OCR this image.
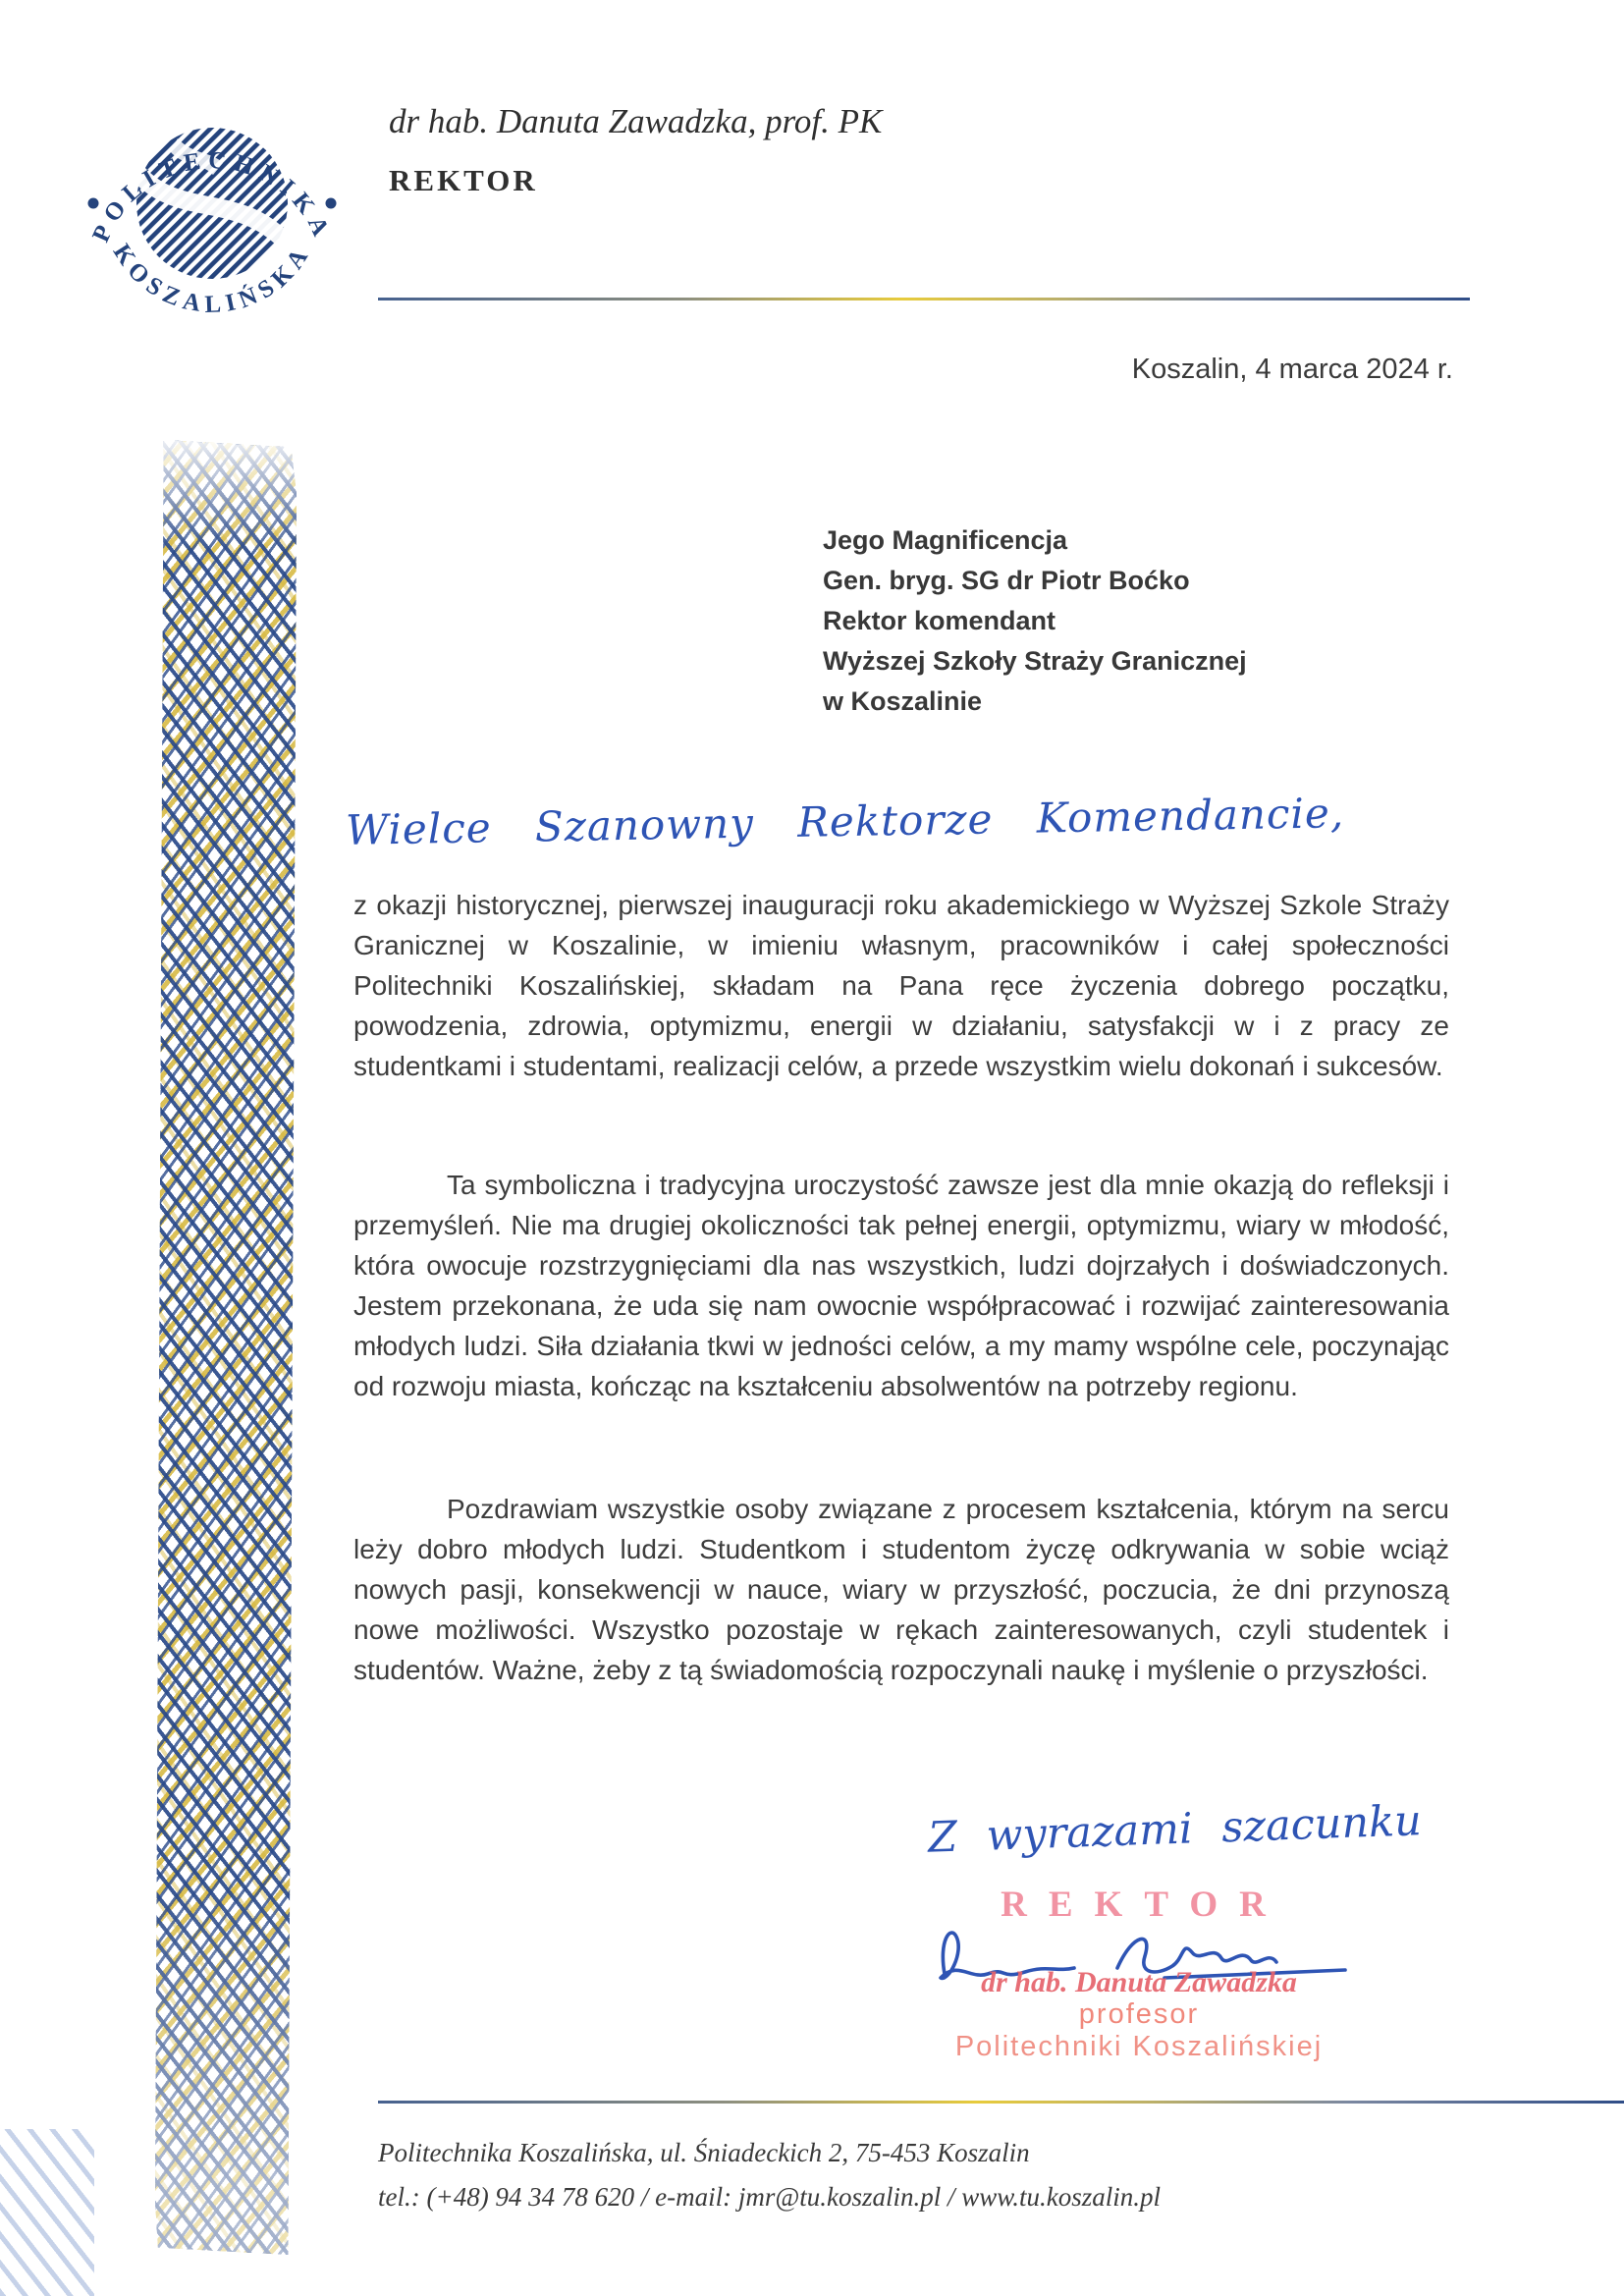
POLITECHNIKA
KOSZALIŃSKA
dr hab. Danuta Zawadzka, prof. PK
REKTOR
Koszalin, 4 marca 2024 r.
Jego Magnificencja
Gen. bryg. SG dr Piotr Boćko
Rektor komendant
Wyższej Szkoły Straży Granicznej
w Koszalinie
Wielce Szanowny Rektorze Komendancie,
z okazji historycznej, pierwszej inauguracji roku akademickiego w Wyższej Szkole Straży Granicznej w Koszalinie, w imieniu własnym, pracowników i całej społeczności Politechniki Koszalińskiej, składam na Pana ręce życzenia dobrego początku, powodzenia, zdrowia, optymizmu, energii w działaniu, satysfakcji w i z pracy ze studentkami i studentami, realizacji celów, a przede wszystkim wielu dokonań i sukcesów.
Ta symboliczna i tradycyjna uroczystość zawsze jest dla mnie okazją do refleksji i przemyśleń. Nie ma drugiej okoliczności tak pełnej energii, optymizmu, wiary w młodość, która owocuje rozstrzygnięciami dla nas wszystkich, ludzi dojrzałych i doświadczonych. Jestem przekonana, że uda się nam owocnie współpracować i rozwijać zainteresowania młodych ludzi. Siła działania tkwi w jedności celów, a my mamy wspólne cele, poczynając od rozwoju miasta, kończąc na kształceniu absolwentów na potrzeby regionu.
Pozdrawiam wszystkie osoby związane z procesem kształcenia, którym na sercu leży dobro młodych ludzi. Studentkom i studentom życzę odkrywania w sobie wciąż nowych pasji, konsekwencji w nauce, wiary w przyszłość, poczucia, że dni przynoszą nowe możliwości. Wszystko pozostaje w rękach zainteresowanych, czyli studentek i studentów. Ważne, żeby z tą świadomością rozpoczynali naukę i myślenie o przyszłości.
Z wyrazami szacunku
REKTOR
dr hab. Danuta Zawadzka
profesor
Politechniki Koszalińskiej
Politechnika Koszalińska, ul. Śniadeckich 2, 75-453 Koszalin
tel.: (+48) 94 34 78 620 / e-mail: jmr@tu.koszalin.pl / www.tu.koszalin.pl
